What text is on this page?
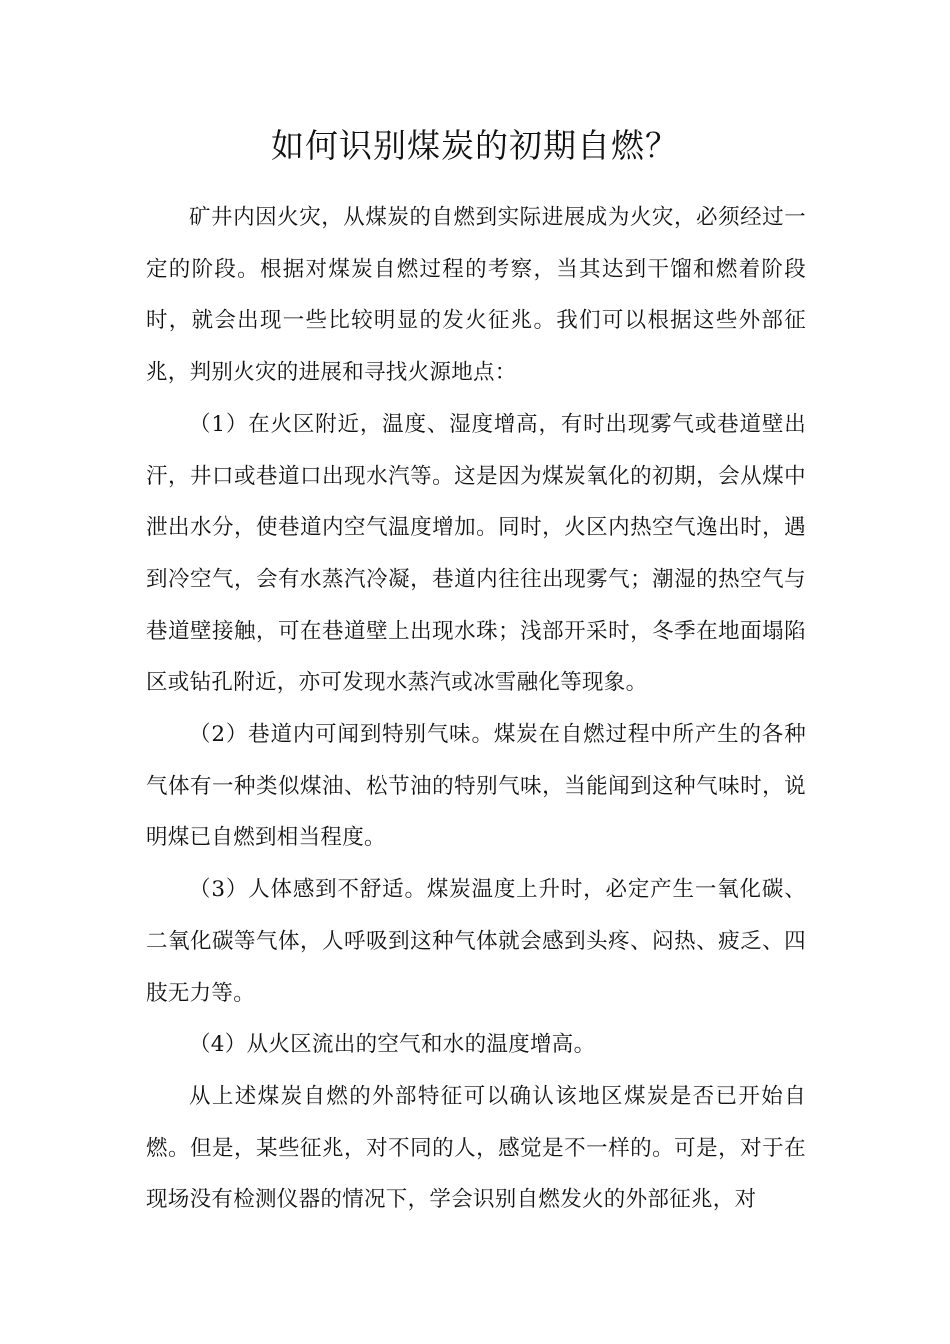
如何识别煤炭的初期自燃？

矿井内因火灾，从煤炭的自燃到实际进展成为火灾，必须经过一定的阶段。根据对煤炭自燃过程的考察，当其达到干馏和燃着阶段时，就会出现一些比较明显的发火征兆。我们可以根据这些外部征兆，判别火灾的进展和寻找火源地点：

（1）在火区附近，温度、湿度增高，有时出现雾气或巷道壁出汗，井口或巷道口出现水汽等。这是因为煤炭氧化的初期，会从煤中泄出水分，使巷道内空气温度增加。同时，火区内热空气逸出时，遇到冷空气，会有水蒸汽冷凝，巷道内往往出现雾气；潮湿的热空气与巷道壁接触，可在巷道壁上出现水珠；浅部开采时，冬季在地面塌陷区或钻孔附近，亦可发现水蒸汽或冰雪融化等现象。

（2）巷道内可闻到特别气味。煤炭在自燃过程中所产生的各种气体有一种类似煤油、松节油的特别气味，当能闻到这种气味时，说明煤已自燃到相当程度。

（3）人体感到不舒适。煤炭温度上升时，必定产生一氧化碳、二氧化碳等气体，人呼吸到这种气体就会感到头疼、闷热、疲乏、四肢无力等。

（4）从火区流出的空气和水的温度增高。

从上述煤炭自燃的外部特征可以确认该地区煤炭是否已开始自燃。但是，某些征兆，对不同的人，感觉是不一样的。可是，对于在现场没有检测仪器的情况下，学会识别自燃发火的外部征兆，对
